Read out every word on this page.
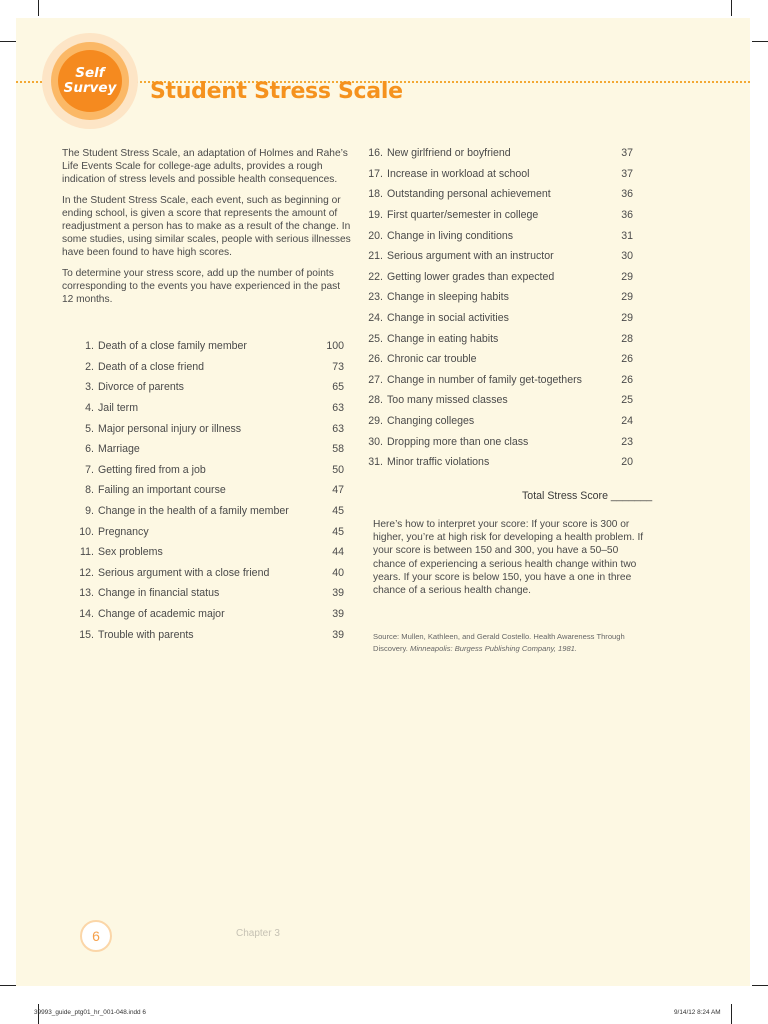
Self
Survey Student Stress Scale

The Student Stress Scale, an adaptation of Holmes and Rahe’s Life Events Scale for college-age adults, provides a rough indication of stress levels and possible health consequences.

In the Student Stress Scale, each event, such as beginning or ending school, is given a score that represents the amount of readjustment a person has to make as a result of the change. In some studies, using similar scales, people with serious illnesses have been found to have high scores.

To determine your stress score, add up the number of points corresponding to the events you have experienced in the past 12 months.

1. Death of a close family member	100
2. Death of a close friend	73
3. Divorce of parents	65
4. Jail term	63
5. Major personal injury or illness	63
6. Marriage	58
7. Getting fired from a job	50
8. Failing an important course	47
9. Change in the health of a family member	45
10. Pregnancy	45
11. Sex problems	44
12. Serious argument with a close friend	40
13. Change in financial status	39
14. Change of academic major	39
15. Trouble with parents	39
16. New girlfriend or boyfriend	37
17. Increase in workload at school	37
18. Outstanding personal achievement	36
19. First quarter/semester in college	36
20. Change in living conditions	31
21. Serious argument with an instructor	30
22. Getting lower grades than expected	29
23. Change in sleeping habits	29
24. Change in social activities	29
25. Change in eating habits	28
26. Chronic car trouble	26
27. Change in number of family get-togethers	26
28. Too many missed classes	25
29. Changing colleges	24
30. Dropping more than one class	23
31. Minor traffic violations	20
Total Stress Score _______
Here’s how to interpret your score: If your score is 300 or higher, you’re at high risk for developing a health problem. If your score is between 150 and 300, you have a 50–50 chance of experiencing a serious health change within two years. If your score is below 150, you have a one in three chance of a serious health change.
Source: Mullen, Kathleen, and Gerald Costello. Health Awareness Through Discovery. Minneapolis: Burgess Publishing Company, 1981.
6	Chapter 3
39993_guide_ptg01_hr_001-048.indd 6	9/14/12 8:24 AM
